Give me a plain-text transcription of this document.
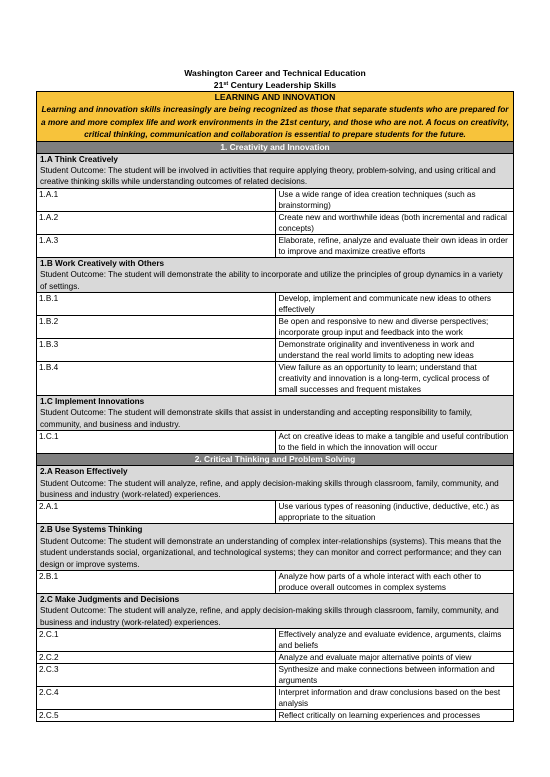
Washington Career and Technical Education
21st Century Leadership Skills
LEARNING AND INNOVATION
Learning and innovation skills increasingly are being recognized as those that separate students who are prepared for a more and more complex life and work environments in the 21st century, and those who are not. A focus on creativity, critical thinking, communication and collaboration is essential to prepare students for the future.	

1. Creativity and Innovation	

1.A Think Creatively
Student Outcome: The student will be involved in activities that require applying theory, problem-solving, and using critical and creative thinking skills while understanding outcomes of related decisions.	
1.A.1	Use a wide range of idea creation techniques (such as brainstorming)
1.A.2	Create new and worthwhile ideas (both incremental and radical concepts)
1.A.3	Elaborate, refine, analyze and evaluate their own ideas in order to improve and maximize creative efforts

1.B Work Creatively with Others
Student Outcome: The student will demonstrate the ability to incorporate and utilize the principles of group dynamics in a variety of settings.	
1.B.1	Develop, implement and communicate new ideas to others effectively
1.B.2	Be open and responsive to new and diverse perspectives; incorporate group input and feedback into the work
1.B.3	Demonstrate originality and inventiveness in work and understand the real world limits to adopting new ideas
1.B.4	View failure as an opportunity to learn; understand that creativity and innovation is a long-term, cyclical process of small successes and frequent mistakes

1.C Implement Innovations
Student Outcome: The student will demonstrate skills that assist in understanding and accepting responsibility to family, community, and business and industry.	
1.C.1	Act on creative ideas to make a tangible and useful contribution to the field in which the innovation will occur
2. Critical Thinking and Problem Solving	

2.A Reason Effectively
Student Outcome: The student will analyze, refine, and apply decision-making skills through classroom, family, community, and business and industry (work-related) experiences.	
2.A.1	Use various types of reasoning (inductive, deductive, etc.) as appropriate to the situation

2.B Use Systems Thinking
Student Outcome: The student will demonstrate an understanding of complex inter-relationships (systems). This means that the student understands social, organizational, and technological systems; they can monitor and correct performance; and they can design or improve systems.	
2.B.1	Analyze how parts of a whole interact with each other to produce overall outcomes in complex systems

2.C Make Judgments and Decisions
Student Outcome: The student will analyze, refine, and apply decision-making skills through classroom, family, community, and business and industry (work-related) experiences.	
2.C.1	Effectively analyze and evaluate evidence, arguments, claims and beliefs
2.C.2	Analyze and evaluate major alternative points of view
2.C.3	Synthesize and make connections between information and arguments
2.C.4	Interpret information and draw conclusions based on the best analysis
2.C.5	Reflect critically on learning experiences and processes
